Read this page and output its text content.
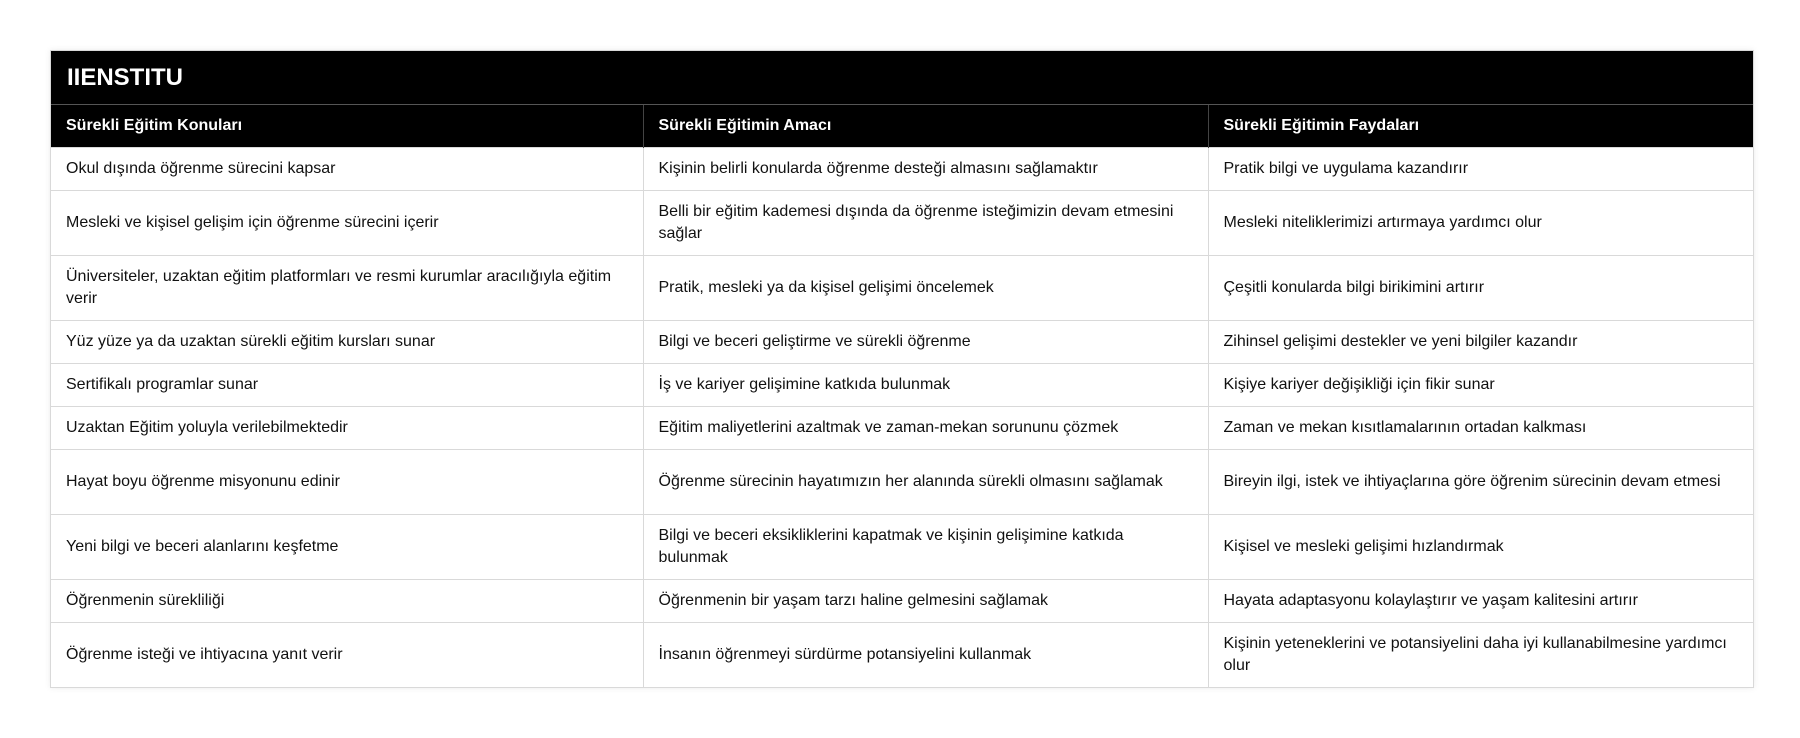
IIENSTITU
Sürekli Eğitim Konuları	Sürekli Eğitimin Amacı	Sürekli Eğitimin Faydaları
Okul dışında öğrenme sürecini kapsar	Kişinin belirli konularda öğrenme desteği almasını sağlamaktır	Pratik bilgi ve uygulama kazandırır
Mesleki ve kişisel gelişim için öğrenme sürecini içerir	Belli bir eğitim kademesi dışında da öğrenme isteğimizin devam etmesini sağlar	Mesleki niteliklerimizi artırmaya yardımcı olur
Üniversiteler, uzaktan eğitim platformları ve resmi kurumlar aracılığıyla eğitim verir	Pratik, mesleki ya da kişisel gelişimi öncelemek	Çeşitli konularda bilgi birikimini artırır
Yüz yüze ya da uzaktan sürekli eğitim kursları sunar	Bilgi ve beceri geliştirme ve sürekli öğrenme	Zihinsel gelişimi destekler ve yeni bilgiler kazandır
Sertifikalı programlar sunar	İş ve kariyer gelişimine katkıda bulunmak	Kişiye kariyer değişikliği için fikir sunar
Uzaktan Eğitim yoluyla verilebilmektedir	Eğitim maliyetlerini azaltmak ve zaman-mekan sorununu çözmek	Zaman ve mekan kısıtlamalarının ortadan kalkması
Hayat boyu öğrenme misyonunu edinir	Öğrenme sürecinin hayatımızın her alanında sürekli olmasını sağlamak	Bireyin ilgi, istek ve ihtiyaçlarına göre öğrenim sürecinin devam etmesi
Yeni bilgi ve beceri alanlarını keşfetme	Bilgi ve beceri eksikliklerini kapatmak ve kişinin gelişimine katkıda bulunmak	Kişisel ve mesleki gelişimi hızlandırmak
Öğrenmenin sürekliliği	Öğrenmenin bir yaşam tarzı haline gelmesini sağlamak	Hayata adaptasyonu kolaylaştırır ve yaşam kalitesini artırır
Öğrenme isteği ve ihtiyacına yanıt verir	İnsanın öğrenmeyi sürdürme potansiyelini kullanmak	Kişinin yeteneklerini ve potansiyelini daha iyi kullanabilmesine yardımcı olur
